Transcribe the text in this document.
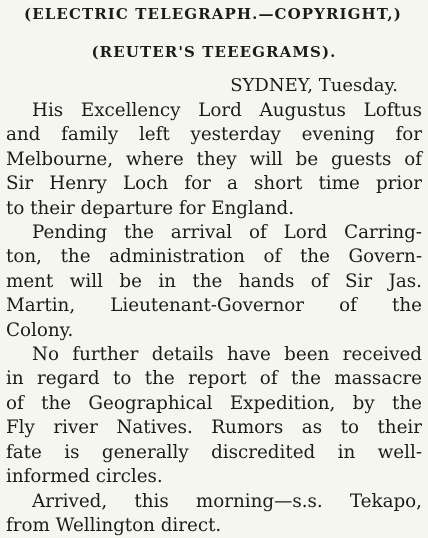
(ELECTRIC TELEGRAPH.—COPYRIGHT,)
(REUTER'S TEEEGRAMS).
SYDNEY, Tuesday.
His Excellency Lord Augustus Loftus
and family left yesterday evening for
Melbourne, where they will be guests of
Sir Henry Loch for a short time prior
to their departure for England.
Pending the arrival of Lord Carring-
ton, the administration of the Govern-
ment will be in the hands of Sir Jas.
Martin, Lieutenant-Governor of the
Colony.
No further details have been received
in regard to the report of the massacre
of the Geographical Expedition, by the
Fly river Natives. Rumors as to their
fate is generally discredited in well-
informed circles.
Arrived, this morning—s.s. Tekapo,
from Wellington direct.
